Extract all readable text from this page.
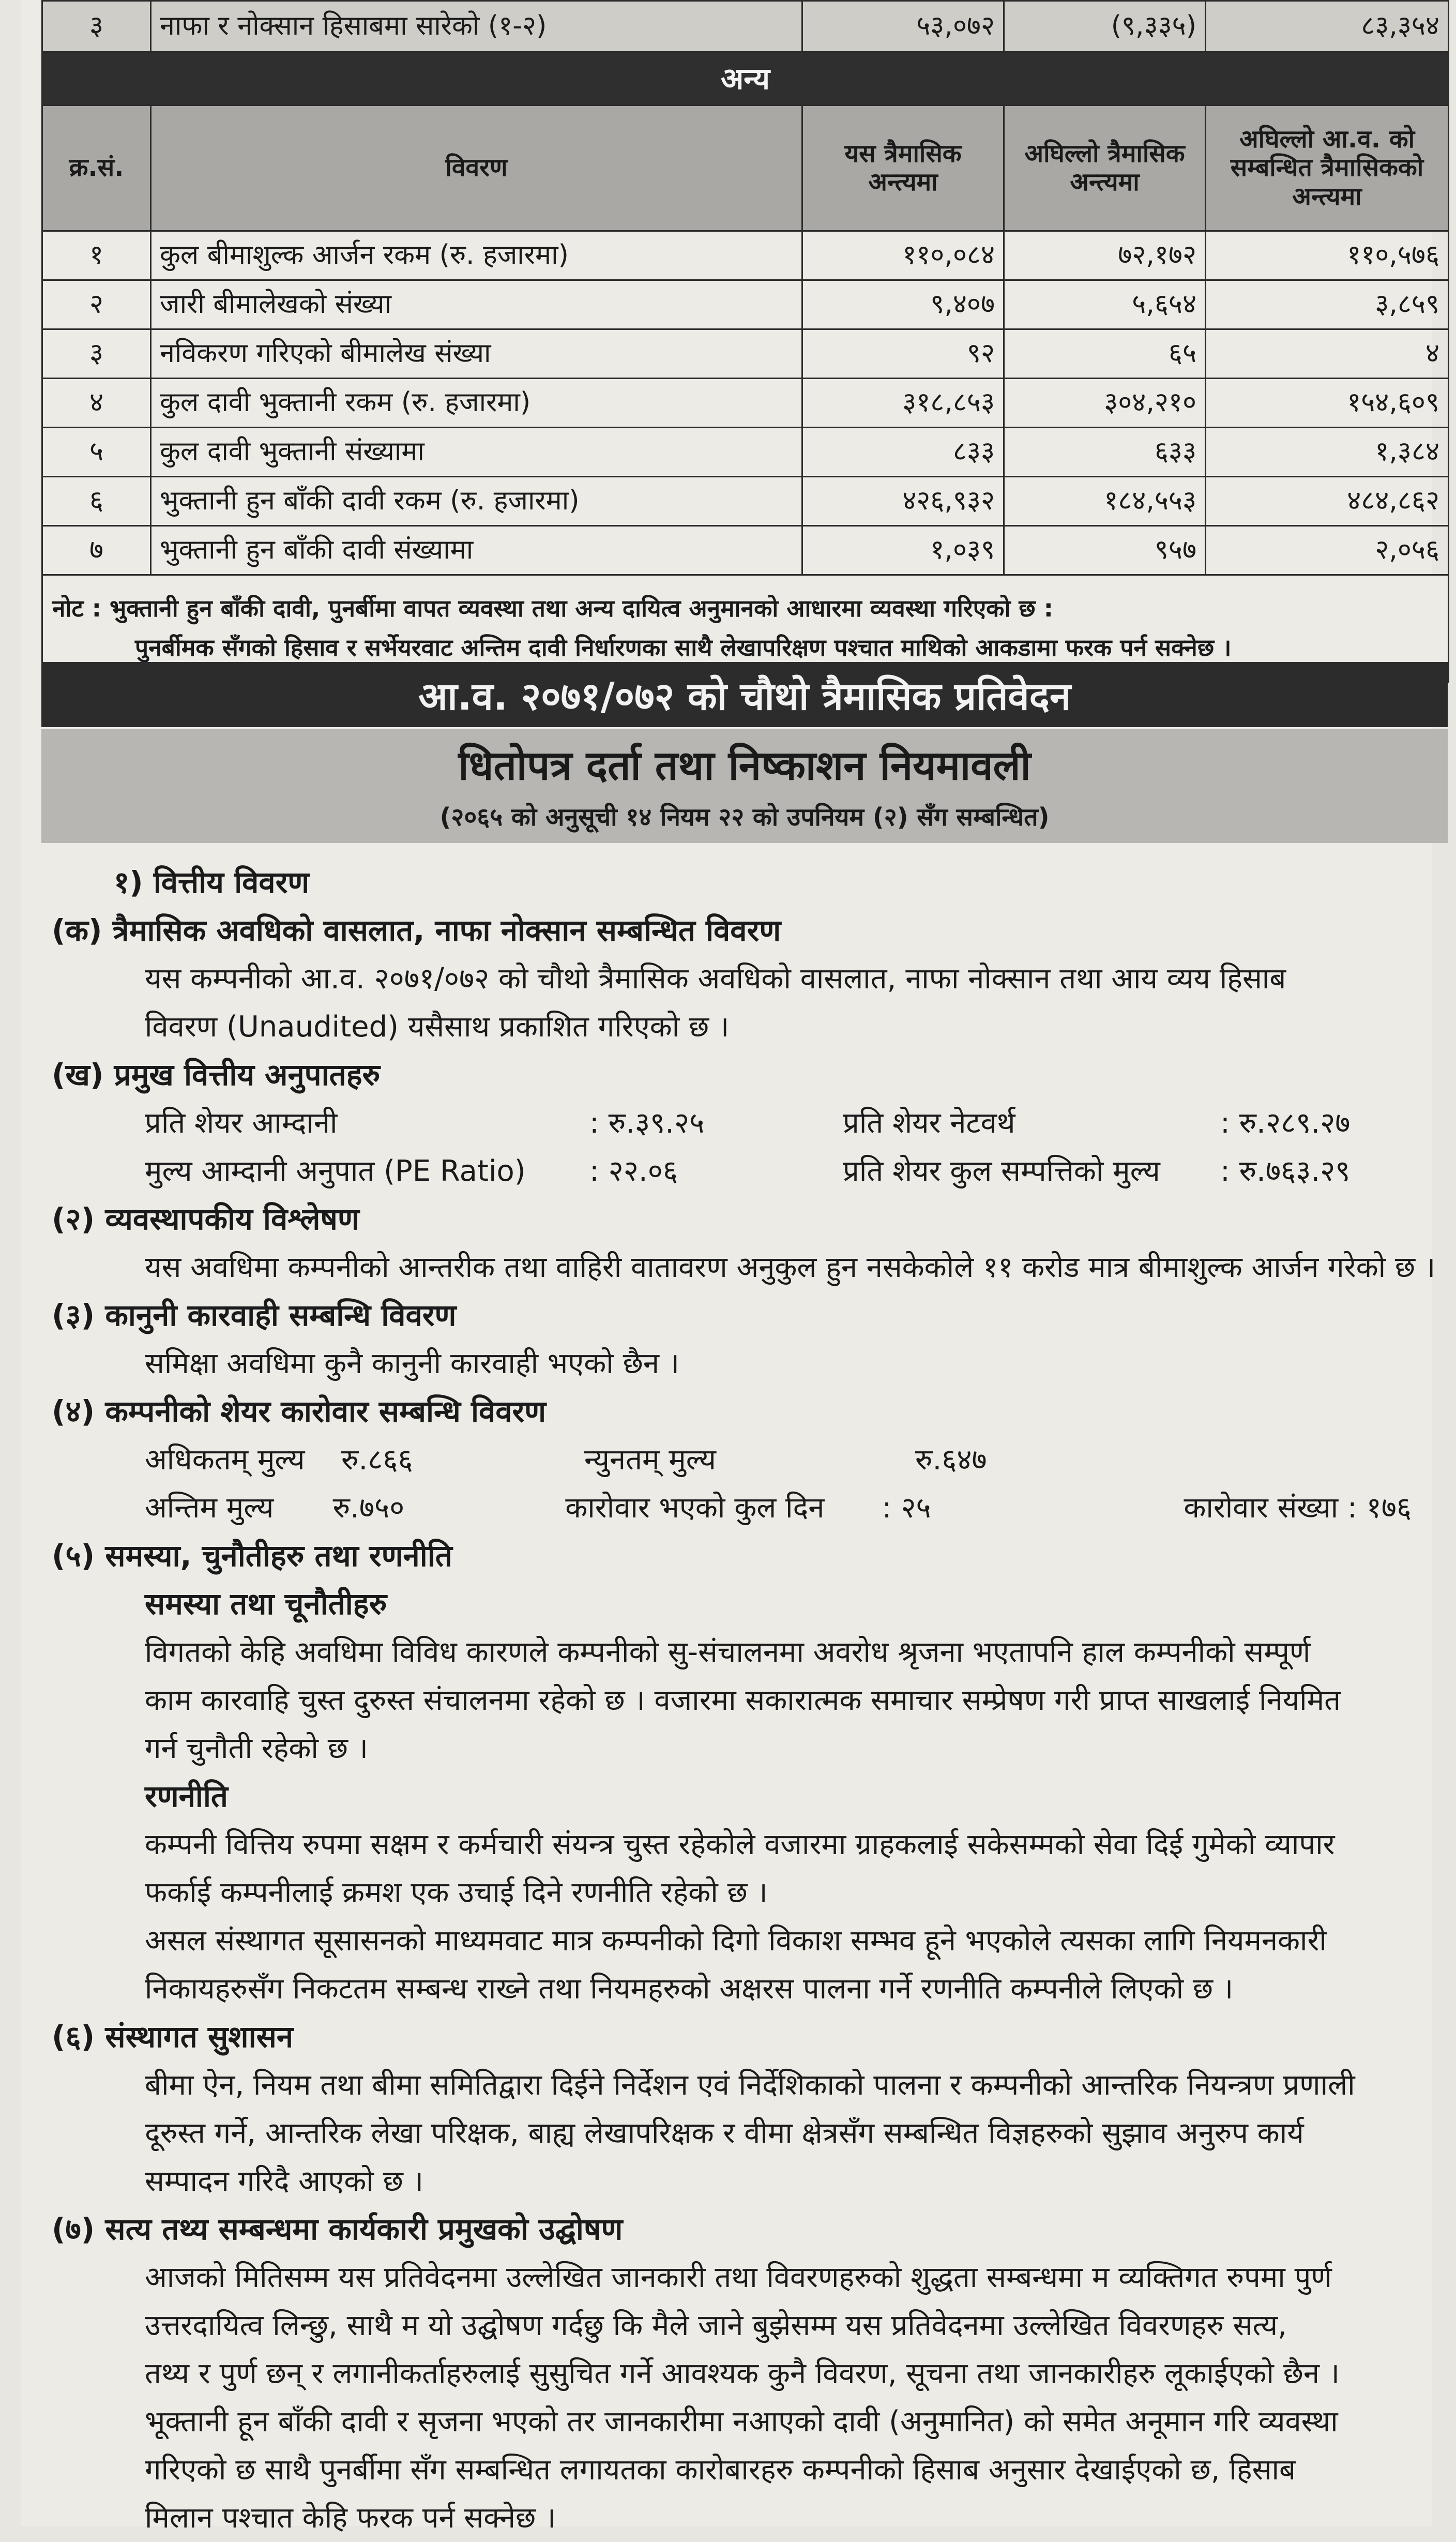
३	नाफा र नोक्सान हिसाबमा सारेको (१-२)	५३,०७२	(९,३३५)	८३,३५४
अन्य				
क्र.सं.	विवरण	यस त्रैमासिक अन्त्यमा	अघिल्लो त्रैमासिक अन्त्यमा	अघिल्लो आ.व. को सम्बन्धित त्रैमासिकको अन्त्यमा
१	कुल बीमाशुल्क आर्जन रकम (रु. हजारमा)	११०,०८४	७२,१७२	११०,५७६
२	जारी बीमालेखको संख्या	९,४०७	५,६५४	३,८५९
३	नविकरण गरिएको बीमालेख संख्या	९२	६५	४
४	कुल दावी भुक्तानी रकम (रु. हजारमा)	३१८,८५३	३०४,२१०	१५४,६०९
५	कुल दावी भुक्तानी संख्यामा	८३३	६३३	१,३८४
६	भुक्तानी हुन बाँकी दावी रकम (रु. हजारमा)	४२६,९३२	१८४,५५३	४८४,८६२
७	भुक्तानी हुन बाँकी दावी संख्यामा	१,०३९	९५७	२,०५६
नोट : भुक्तानी हुन बाँकी दावी, पुनर्बीमा वापत व्यवस्था तथा अन्य दायित्व अनुमानको आधारमा व्यवस्था गरिएको छ :
पुनर्बीमक सँगको हिसाव र सर्भेयरवाट अन्तिम दावी निर्धारणका साथै लेखापरिक्षण पश्चात माथिको आकडामा फरक पर्न सक्नेछ ।				
आ.व. २०७१/०७२ को चौथो त्रैमासिक प्रतिवेदन
धितोपत्र दर्ता तथा निष्काशन नियमावली
(२०६५ को अनुसूची १४ नियम २२ को उपनियम (२) सँग सम्बन्धित)
१) वित्तीय विवरण
(क) त्रैमासिक अवधिको वासलात, नाफा नोक्सान सम्बन्धित विवरण
यस कम्पनीको आ.व. २०७१/०७२ को चौथो त्रैमासिक अवधिको वासलात, नाफा नोक्सान तथा आय व्यय हिसाब
विवरण (Unaudited) यसैसाथ प्रकाशित गरिएको छ ।
(ख) प्रमुख वित्तीय अनुपातहरु
प्रति शेयर आम्दानी	: रु.३९.२५	प्रति शेयर नेटवर्थ	: रु.२८९.२७
मुल्य आम्दानी अनुपात (PE Ratio)	: २२.०६	प्रति शेयर कुल सम्पत्तिको मुल्य	: रु.७६३.२९
(२) व्यवस्थापकीय विश्लेषण
यस अवधिमा कम्पनीको आन्तरीक तथा वाहिरी वातावरण अनुकुल हुन नसकेकोले ११ करोड मात्र बीमाशुल्क आर्जन गरेको छ ।
(३) कानुनी कारवाही सम्बन्धि विवरण
समिक्षा अवधिमा कुनै कानुनी कारवाही भएको छैन ।
(४) कम्पनीको शेयर कारोवार सम्बन्धि विवरण
अधिकतम् मुल्य	रु.८६६	न्युनतम् मुल्य	रु.६४७
अन्तिम मुल्य	रु.७५०	कारोवार भएको कुल दिन	: २५	कारोवार संख्या : १७६
(५) समस्या, चुनौतीहरु तथा रणनीति
समस्या तथा चूनौतीहरु
विगतको केहि अवधिमा विविध कारणले कम्पनीको सु-संचालनमा अवरोध श्रृजना भएतापनि हाल कम्पनीको सम्पूर्ण
काम कारवाहि चुस्त दुरुस्त संचालनमा रहेको छ । वजारमा सकारात्मक समाचार सम्प्रेषण गरी प्राप्त साखलाई नियमित
गर्न चुनौती रहेको छ ।
रणनीति
कम्पनी वित्तिय रुपमा सक्षम र कर्मचारी संयन्त्र चुस्त रहेकोले वजारमा ग्राहकलाई सकेसम्मको सेवा दिई गुमेको व्यापार
फर्काई कम्पनीलाई क्रमश एक उचाई दिने रणनीति रहेको छ ।
असल संस्थागत सूसासनको माध्यमवाट मात्र कम्पनीको दिगो विकाश सम्भव हूने भएकोले त्यसका लागि नियमनकारी
निकायहरुसँग निकटतम सम्बन्ध राख्ने तथा नियमहरुको अक्षरस पालना गर्ने रणनीति कम्पनीले लिएको छ ।
(६) संस्थागत सुशासन
बीमा ऐन, नियम तथा बीमा समितिद्वारा दिईने निर्देशन एवं निर्देशिकाको पालना र कम्पनीको आन्तरिक नियन्त्रण प्रणाली
दूरुस्त गर्ने, आन्तरिक लेखा परिक्षक, बाह्य लेखापरिक्षक र वीमा क्षेत्रसँग सम्बन्धित विज्ञहरुको सुझाव अनुरुप कार्य
सम्पादन गरिदै आएको छ ।
(७) सत्य तथ्य सम्बन्धमा कार्यकारी प्रमुखको उद्घोषण
आजको मितिसम्म यस प्रतिवेदनमा उल्लेखित जानकारी तथा विवरणहरुको शुद्धता सम्बन्धमा म व्यक्तिगत रुपमा पुर्ण
उत्तरदायित्व लिन्छु, साथै म यो उद्घोषण गर्दछु कि मैले जाने बुझेसम्म यस प्रतिवेदनमा उल्लेखित विवरणहरु सत्य,
तथ्य र पुर्ण छन् र लगानीकर्ताहरुलाई सुसुचित गर्ने आवश्यक कुनै विवरण, सूचना तथा जानकारीहरु लूकाईएको छैन ।
भूक्तानी हून बाँकी दावी र सृजना भएको तर जानकारीमा नआएको दावी (अनुमानित) को समेत अनूमान गरि व्यवस्था
गरिएको छ साथै पुनर्बीमा सँग सम्बन्धित लगायतका कारोबारहरु कम्पनीको हिसाब अनुसार देखाईएको छ, हिसाब
मिलान पश्चात केहि फरक पर्न सक्नेछ ।
